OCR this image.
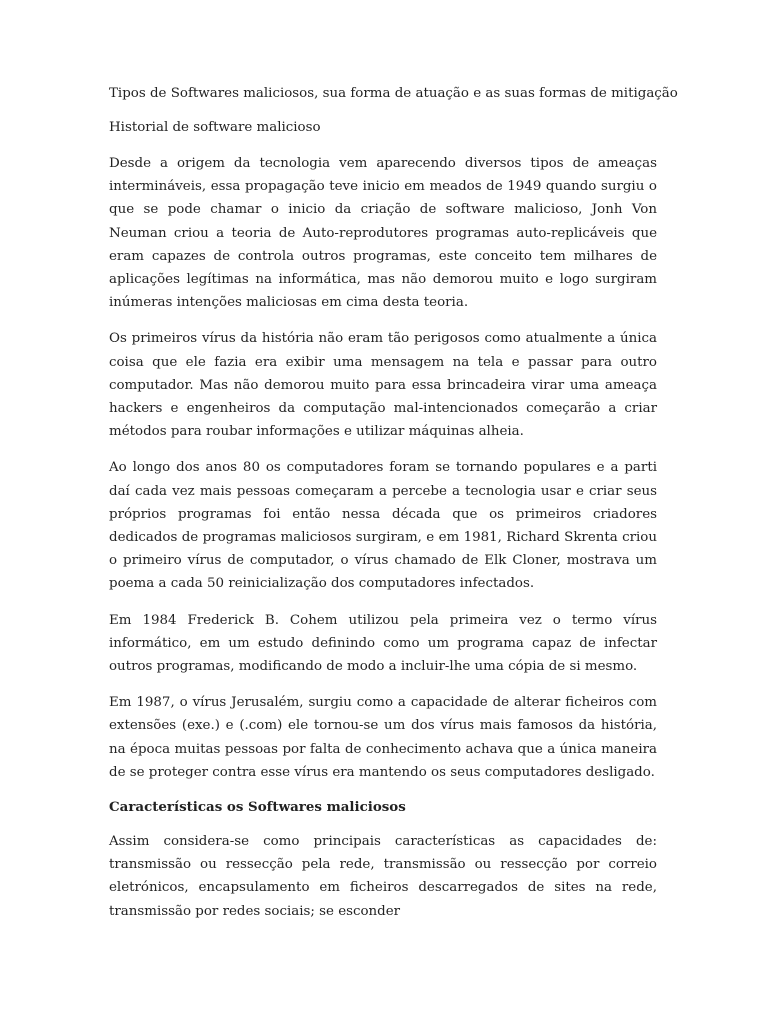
Tipos de Softwares maliciosos, sua forma de atuação e as suas formas de mitigação
Historial de software malicioso

Desde a origem da tecnologia vem aparecendo diversos tipos de ameaças intermináveis, essa propagação teve inicio em meados de 1949 quando surgiu o que se pode chamar o inicio da criação de software malicioso, Jonh Von Neuman criou a teoria de Auto-reprodutores programas auto-replicáveis que eram capazes de controla outros programas, este conceito tem milhares de aplicações legítimas na informática, mas não demorou muito e logo surgiram inúmeras intenções maliciosas em cima desta teoria.

Os primeiros vírus da história não eram tão perigosos como atualmente a única coisa que ele fazia era exibir uma mensagem na tela e passar para outro computador. Mas não demorou muito para essa brincadeira virar uma ameaça hackers e engenheiros da computação mal-intencionados começarão a criar métodos para roubar informações e utilizar máquinas alheia.

Ao longo dos anos 80 os computadores foram se tornando populares e a parti daí cada vez mais pessoas começaram a percebe a tecnologia usar e criar seus próprios programas foi então nessa década que os primeiros criadores dedicados de programas maliciosos surgiram, e em 1981, Richard Skrenta criou o primeiro vírus de computador, o vírus chamado de Elk Cloner, mostrava um poema a cada 50 reinicialização dos computadores infectados.

Em 1984 Frederick B. Cohem utilizou pela primeira vez o termo vírus informático, em um estudo definindo como um programa capaz de infectar outros programas, modificando de modo a incluir-lhe uma cópia de si mesmo.

Em 1987, o vírus Jerusalém, surgiu como a capacidade de alterar ficheiros com extensões (exe.) e (.com) ele tornou-se um dos vírus mais famosos da história, na época muitas pessoas por falta de conhecimento achava que a única maneira de se proteger contra esse vírus era mantendo os seus computadores desligado.

Características os Softwares maliciosos

Assim considera-se como principais características as capacidades de: transmissão ou ressecção pela rede, transmissão ou ressecção por correio eletrónicos, encapsulamento em ficheiros descarregados de sites na rede, transmissão por redes sociais; se esconder
